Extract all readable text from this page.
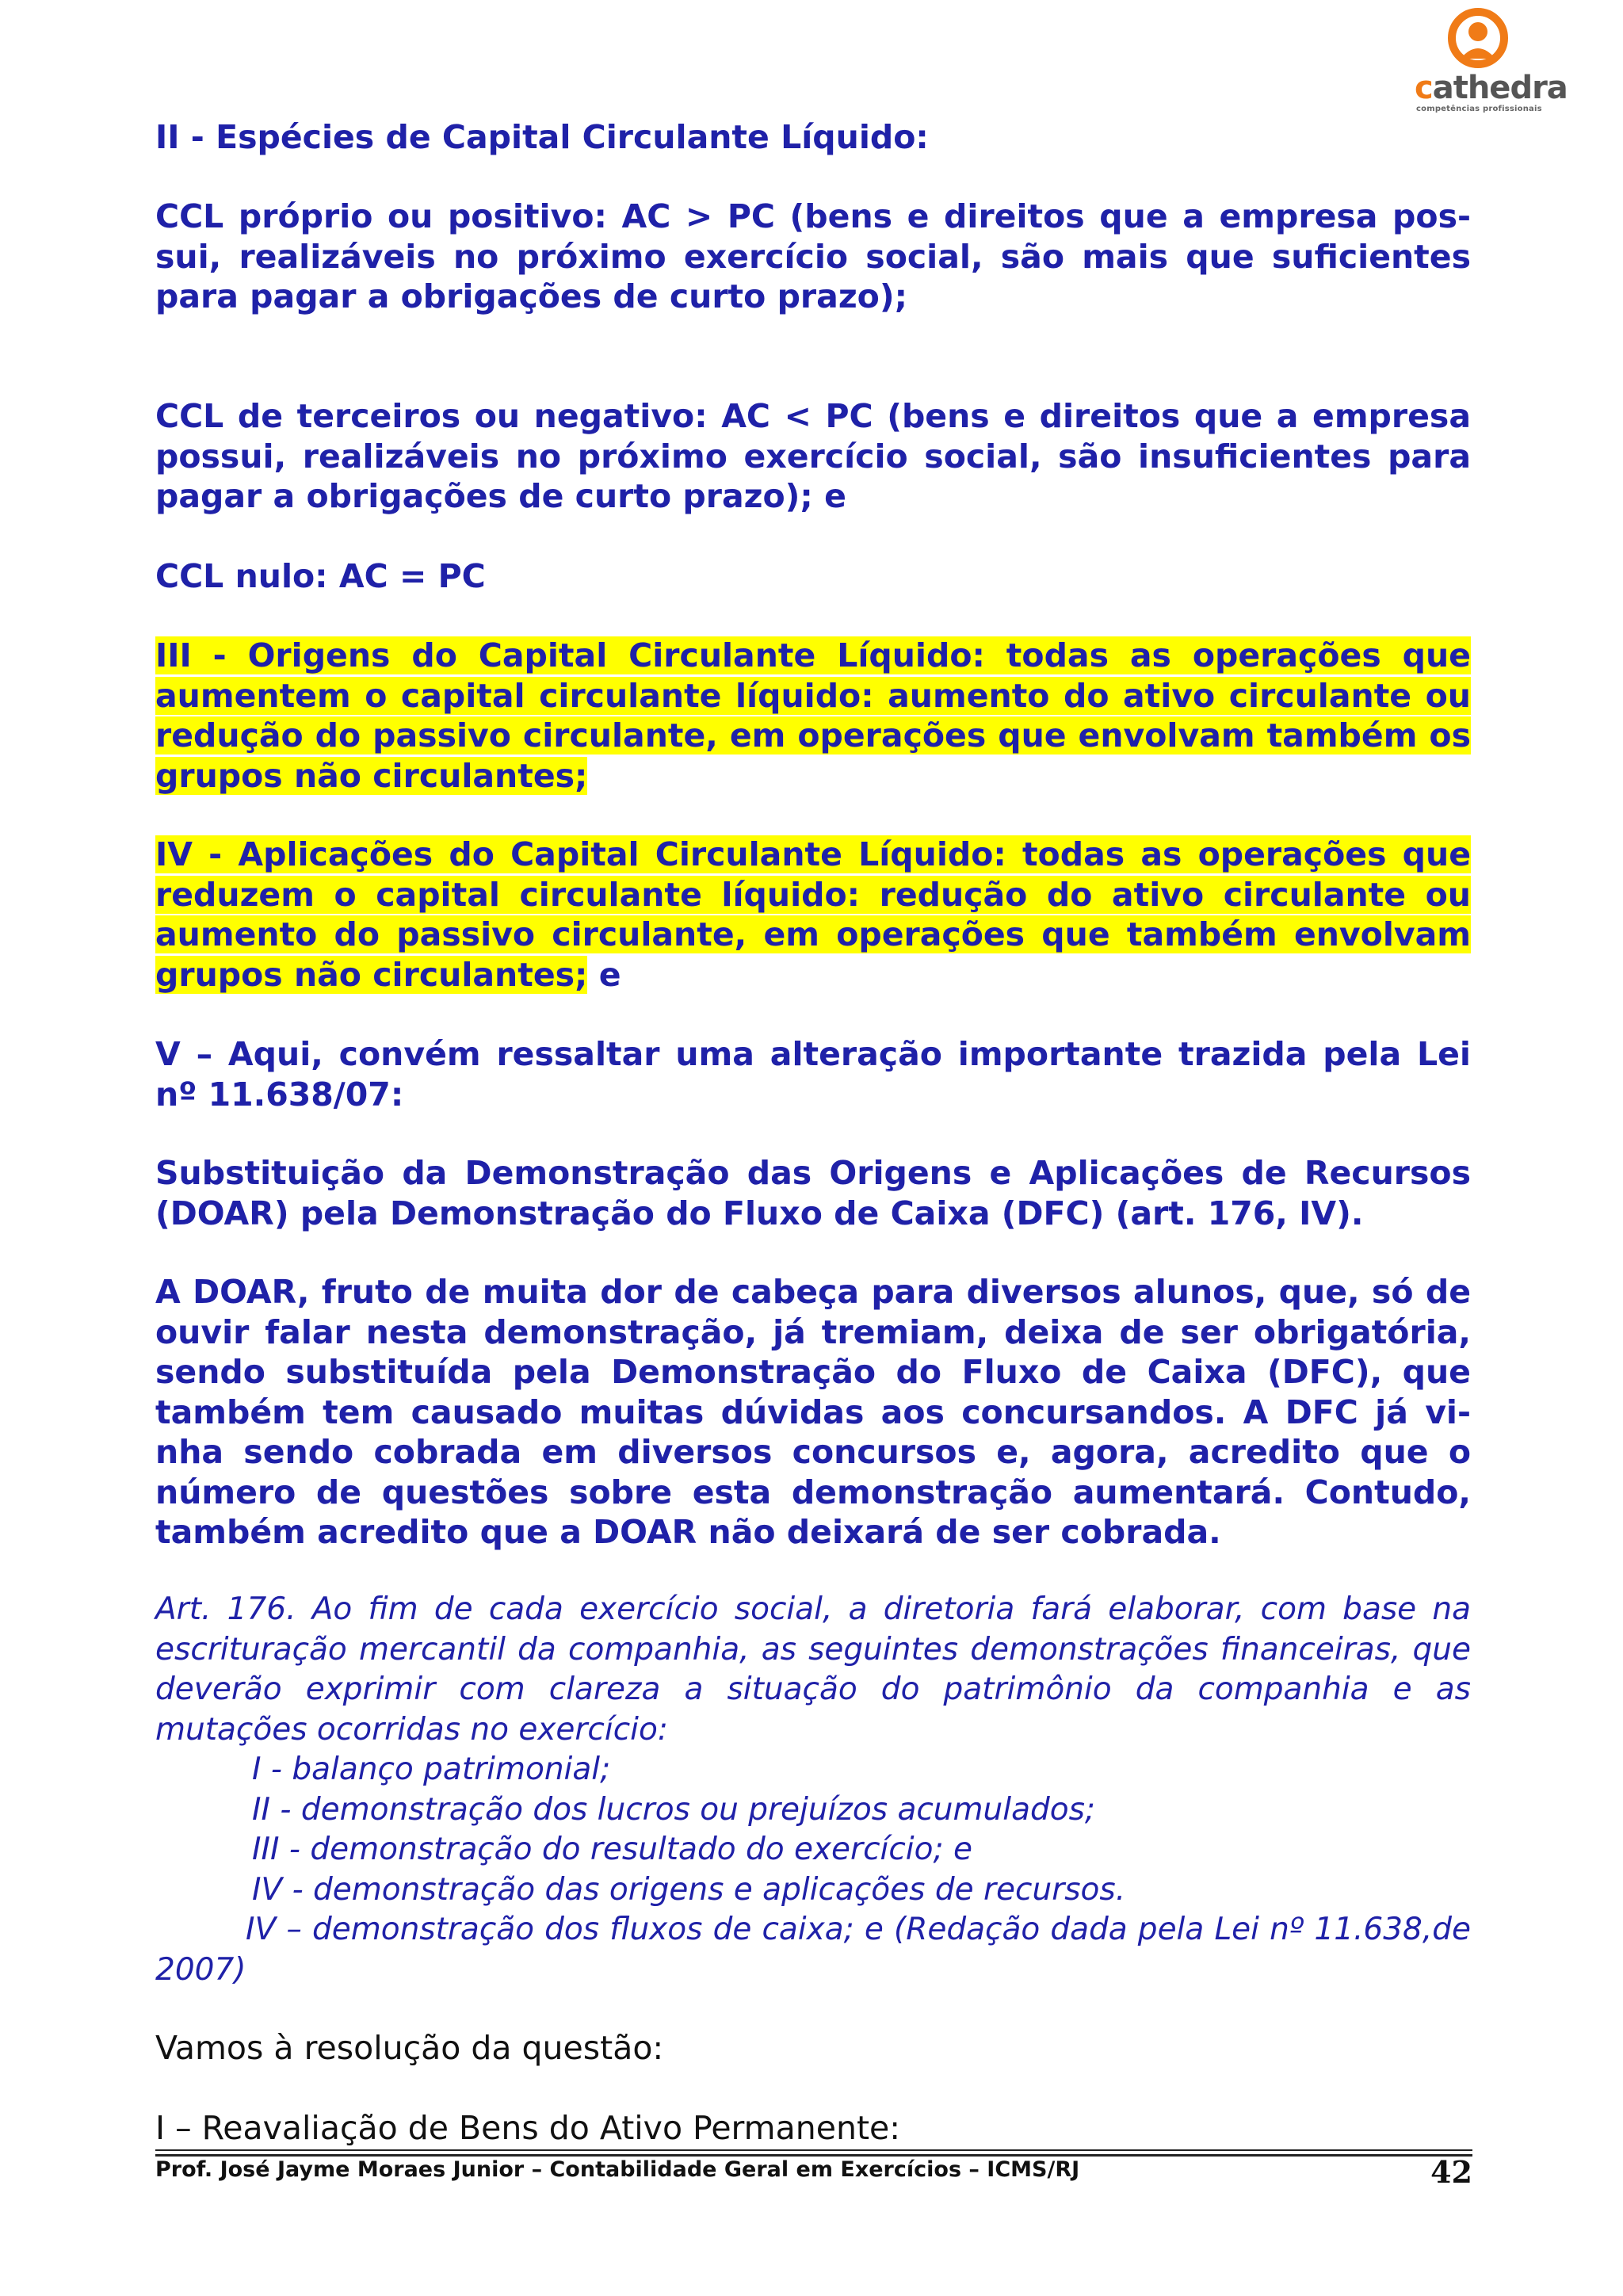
cathedra
competências profissionais

II - Espécies de Capital Circulante Líquido:

CCL próprio ou positivo: AC > PC (bens e direitos que a empresa pos-sui, realizáveis no próximo exercício social, são mais que suficientes para pagar a obrigações de curto prazo);

CCL de terceiros ou negativo: AC < PC (bens e direitos que a empresa possui, realizáveis no próximo exercício social, são insuficientes para pagar a obrigações de curto prazo); e

CCL nulo: AC = PC

III - Origens do Capital Circulante Líquido: todas as operações que aumentem o capital circulante líquido: aumento do ativo circulante ou redução do passivo circulante, em operações que envolvam também os grupos não circulantes;

IV - Aplicações do Capital Circulante Líquido: todas as operações que reduzem o capital circulante líquido: redução do ativo circulante ou aumento do passivo circulante, em operações que também envolvam grupos não circulantes; e

V – Aqui, convém ressaltar uma alteração importante trazida pela Lei nº 11.638/07:

Substituição da Demonstração das Origens e Aplicações de Recursos (DOAR) pela Demonstração do Fluxo de Caixa (DFC) (art. 176, IV).

A DOAR, fruto de muita dor de cabeça para diversos alunos, que, só de ouvir falar nesta demonstração, já tremiam, deixa de ser obrigatória, sendo substituída pela Demonstração do Fluxo de Caixa (DFC), que também tem causado muitas dúvidas aos concursandos. A DFC já vi-nha sendo cobrada em diversos concursos e, agora, acredito que o número de questões sobre esta demonstração aumentará. Contudo, também acredito que a DOAR não deixará de ser cobrada.

Art. 176. Ao fim de cada exercício social, a diretoria fará elaborar, com base na escrituração mercantil da companhia, as seguintes demonstrações financeiras, que deverão exprimir com clareza a situação do patrimônio da companhia e as mutações ocorridas no exercício:
I - balanço patrimonial;
II - demonstração dos lucros ou prejuízos acumulados;
III - demonstração do resultado do exercício; e
IV - demonstração das origens e aplicações de recursos.
IV – demonstração dos fluxos de caixa; e (Redação dada pela Lei nº 11.638,de 2007)

Vamos à resolução da questão:

I – Reavaliação de Bens do Ativo Permanente:

Prof. José Jayme Moraes Junior – Contabilidade Geral em Exercícios – ICMS/RJ	42
